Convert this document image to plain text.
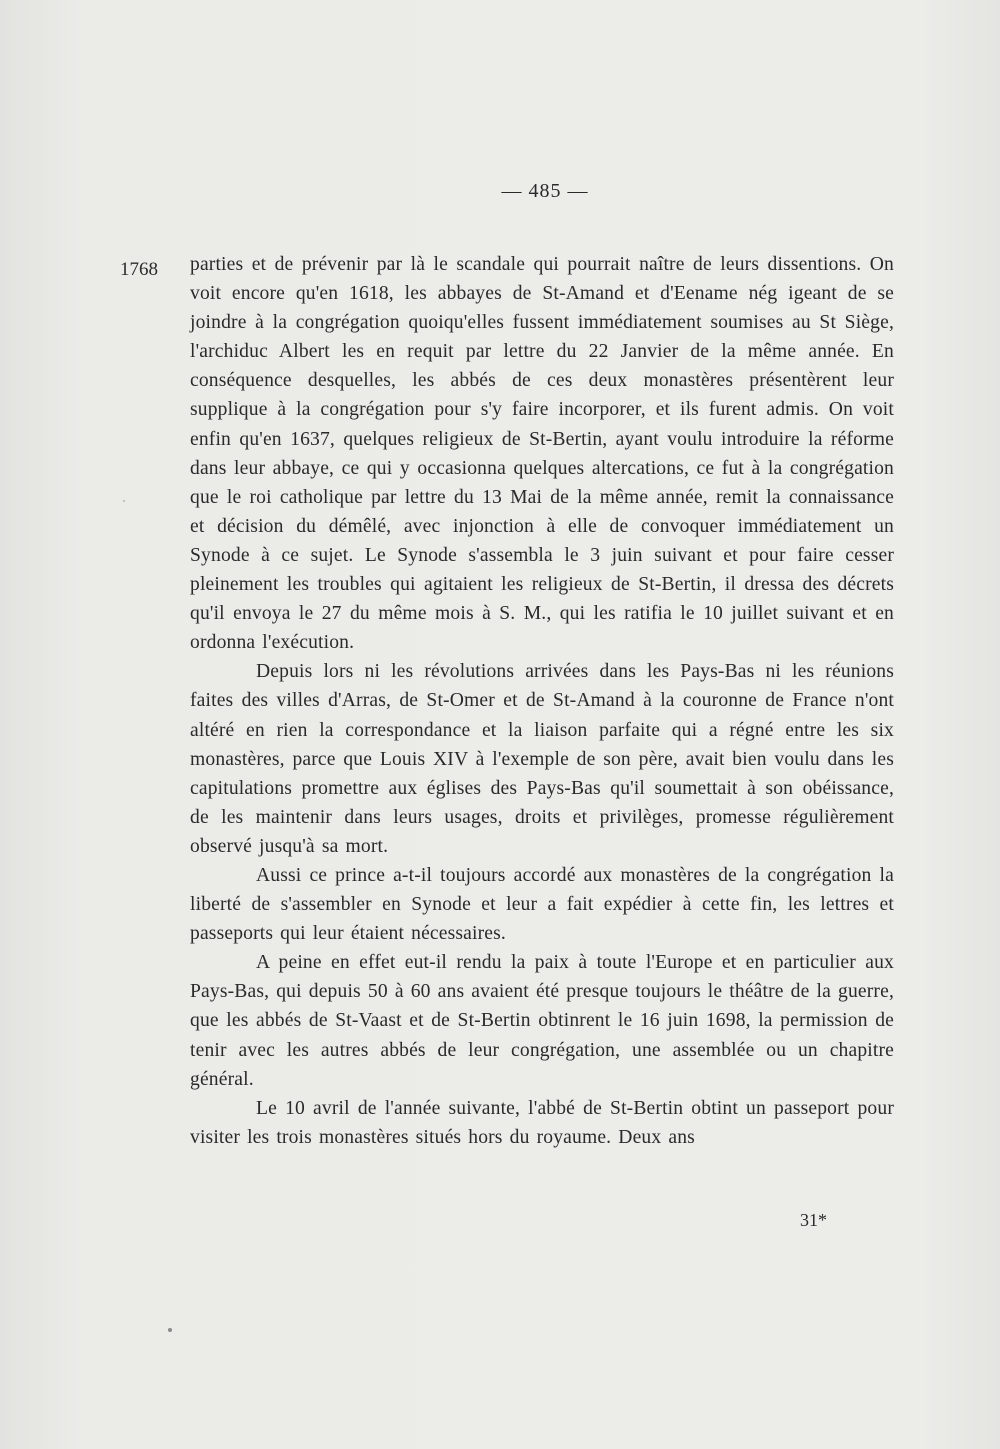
— 485 —
1768 parties et de prévenir par là le scandale qui pourrait naître de leurs dissentions. On voit encore qu'en 1618, les abbayes de St-Amand et d'Eename nég igeant de se joindre à la congrégation quoiqu'elles fussent immédiatement soumises au St Siège, l'archiduc Albert les en requit par lettre du 22 Janvier de la même année. En conséquence desquelles, les abbés de ces deux monastères présentèrent leur supplique à la congrégation pour s'y faire incorporer, et ils furent admis. On voit enfin qu'en 1637, quelques religieux de St-Bertin, ayant voulu introduire la réforme dans leur abbaye, ce qui y occasionna quelques altercations, ce fut à la congrégation que le roi catholique par lettre du 13 Mai de la même année, remit la connaissance et décision du démêlé, avec injonction à elle de convoquer immédiatement un Synode à ce sujet. Le Synode s'assembla le 3 juin suivant et pour faire cesser pleinement les troubles qui agitaient les religieux de St-Bertin, il dressa des décrets qu'il envoya le 27 du même mois à S. M., qui les ratifia le 10 juillet suivant et en ordonna l'exécution.

Depuis lors ni les révolutions arrivées dans les Pays-Bas ni les réunions faites des villes d'Arras, de St-Omer et de St-Amand à la couronne de France n'ont altéré en rien la correspondance et la liaison parfaite qui a régné entre les six monastères, parce que Louis XIV à l'exemple de son père, avait bien voulu dans les capitulations promettre aux églises des Pays-Bas qu'il soumettait à son obéissance, de les maintenir dans leurs usages, droits et privilèges, promesse régulièrement observé jusqu'à sa mort.

Aussi ce prince a-t-il toujours accordé aux monastères de la congrégation la liberté de s'assembler en Synode et leur a fait expédier à cette fin, les lettres et passeports qui leur étaient nécessaires.

A peine en effet eut-il rendu la paix à toute l'Europe et en particulier aux Pays-Bas, qui depuis 50 à 60 ans avaient été presque toujours le théâtre de la guerre, que les abbés de St-Vaast et de St-Bertin obtinrent le 16 juin 1698, la permission de tenir avec les autres abbés de leur congrégation, une assemblée ou un chapitre général.

Le 10 avril de l'année suivante, l'abbé de St-Bertin obtint un passeport pour visiter les trois monastères situés hors du royaume. Deux ans

31*
